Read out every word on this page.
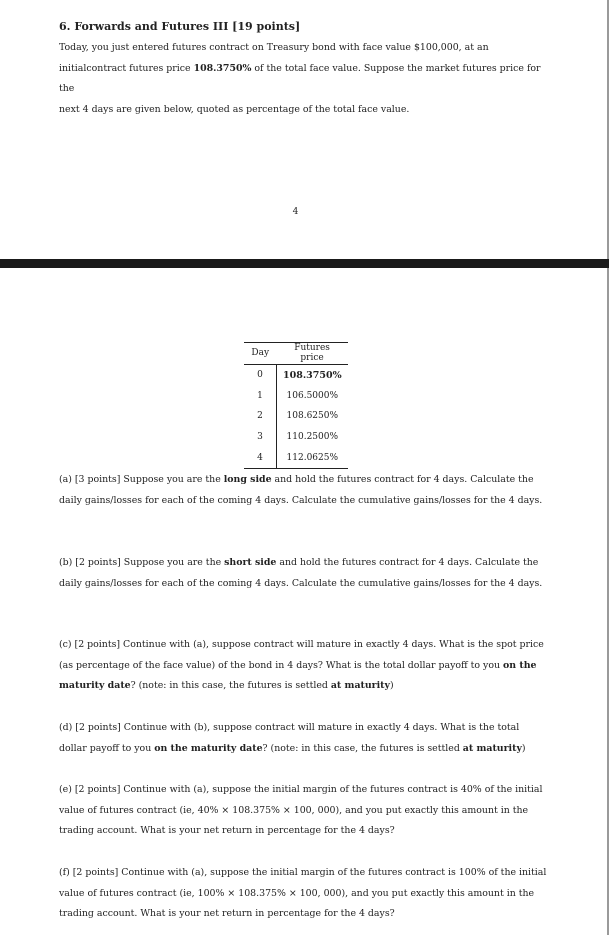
6. Forwards and Futures III [19 points]
Today, you just entered futures contract on Treasury bond with face value $100,000, at an initialcontract futures price 108.3750% of the total face value. Suppose the market futures price for the
next 4 days are given below, quoted as percentage of the total face value.
4
Day	Futures price
0	108.3750%
1	106.5000%
2	108.6250%
3	110.2500%
4	112.0625%
(a) [3 points] Suppose you are the long side and hold the futures contract for 4 days. Calculate the daily gains/losses for each of the coming 4 days. Calculate the cumulative gains/losses for the 4 days.
(b) [2 points] Suppose you are the short side and hold the futures contract for 4 days. Calculate the daily gains/losses for each of the coming 4 days. Calculate the cumulative gains/losses for the 4 days.
(c) [2 points] Continue with (a), suppose contract will mature in exactly 4 days. What is the spot price (as percentage of the face value) of the bond in 4 days? What is the total dollar payoff to you on the maturity date? (note: in this case, the futures is settled at maturity)
(d) [2 points] Continue with (b), suppose contract will mature in exactly 4 days. What is the total dollar payoff to you on the maturity date? (note: in this case, the futures is settled at maturity)
(e) [2 points] Continue with (a), suppose the initial margin of the futures contract is 40% of the initial value of futures contract (ie, 40% × 108.375% × 100, 000), and you put exactly this amount in the trading account. What is your net return in percentage for the 4 days?
(f) [2 points] Continue with (a), suppose the initial margin of the futures contract is 100% of the initial value of futures contract (ie, 100% × 108.375% × 100, 000), and you put exactly this amount in the trading account. What is your net return in percentage for the 4 days?
